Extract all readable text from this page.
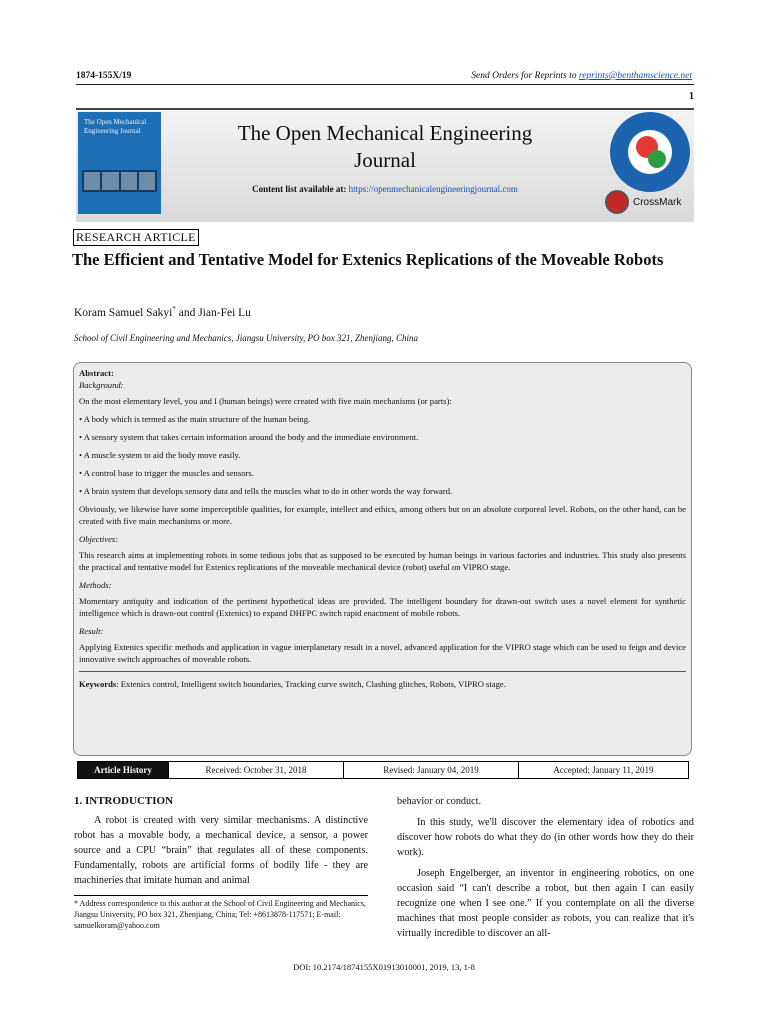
1874-155X/19	Send Orders for Reprints to reprints@benthamscience.net
1
The Open Mechanical Engineering Journal	The Open Mechanical Engineering
Journal
Content list available at: https://openmechanicalengineeringjournal.com
CrossMark
RESEARCH ARTICLE
The Efficient and Tentative Model for Extenics Replications of the Moveable Robots
Koram Samuel Sakyi* and Jian-Fei Lu
School of Civil Engineering and Mechanics, Jiangsu University, PO box 321, Zhenjiang, China
Abstract:
Background:

On the most elementary level, you and I (human beings) were created with five main mechanisms (or parts):

• A body which is termed as the main structure of the human being.

• A sensory system that takes certain information around the body and the immediate environment.

• A muscle system to aid the body move easily.

• A control base to trigger the muscles and sensors.

• A brain system that develops sensory data and tells the muscles what to do in other words the way forward.

Obviously, we likewise have some imperceptible qualities, for example, intellect and ethics, among others but on an absolute corporeal level. Robots, on the other hand, can be created with five main mechanisms or more.

Objectives:

This research aims at implementing robots in some tedious jobs that as supposed to be executed by human beings in various factories and industries. This study also presents the practical and tentative model for Extenics replications of the moveable mechanical device (robot) useful on VIPRO stage.

Methods:

Momentary antiquity and indication of the pertinent hypothetical ideas are provided. The intelligent boundary for drawn-out switch uses a novel element for synthetic intelligence which is drawn-out control (Extenics) to expand DHFPC switch rapid enactment of mobile robots.

Result:

Applying Extenics specific methods and application in vague interplanetary result in a novel, advanced application for the VIPRO stage which can be used to feign and device innovative switch approaches of moveable robots.

Keywords: Extenics control, Intelligent switch boundaries, Tracking curve switch, Clashing glitches, Robots, VIPRO stage.
Article History	Received: October 31, 2018	Revised: January 04, 2019	Accepted: January 11, 2019
1. INTRODUCTION

A robot is created with very similar mechanisms. A distinctive robot has a movable body, a mechanical device, a sensor, a power source and a CPU “brain” that regulates all of these components. Fundamentally, robots are artificial forms of bodily life - they are machineries that imitate human and animal

* Address correspondence to this author at the School of Civil Engineering and Mechanics, Jiangsu University, PO box 321, Zhenjiang, China; Tel: +8613878-117571; E-mail: samuelkoram@yahoo.com

behavior or conduct.

In this study, we'll discover the elementary idea of robotics and discover how robots do what they do (in other words how they do their work).

Joseph Engelberger, an inventor in engineering robotics, on one occasion said “I can't describe a robot, but then again I can easily recognize one when I see one.” If you contemplate on all the diverse machines that most people consider as robots, you can realize that it's virtually incredible to discover an all-

DOI: 10.2174/1874155X01913010001, 2019, 13, 1-8
